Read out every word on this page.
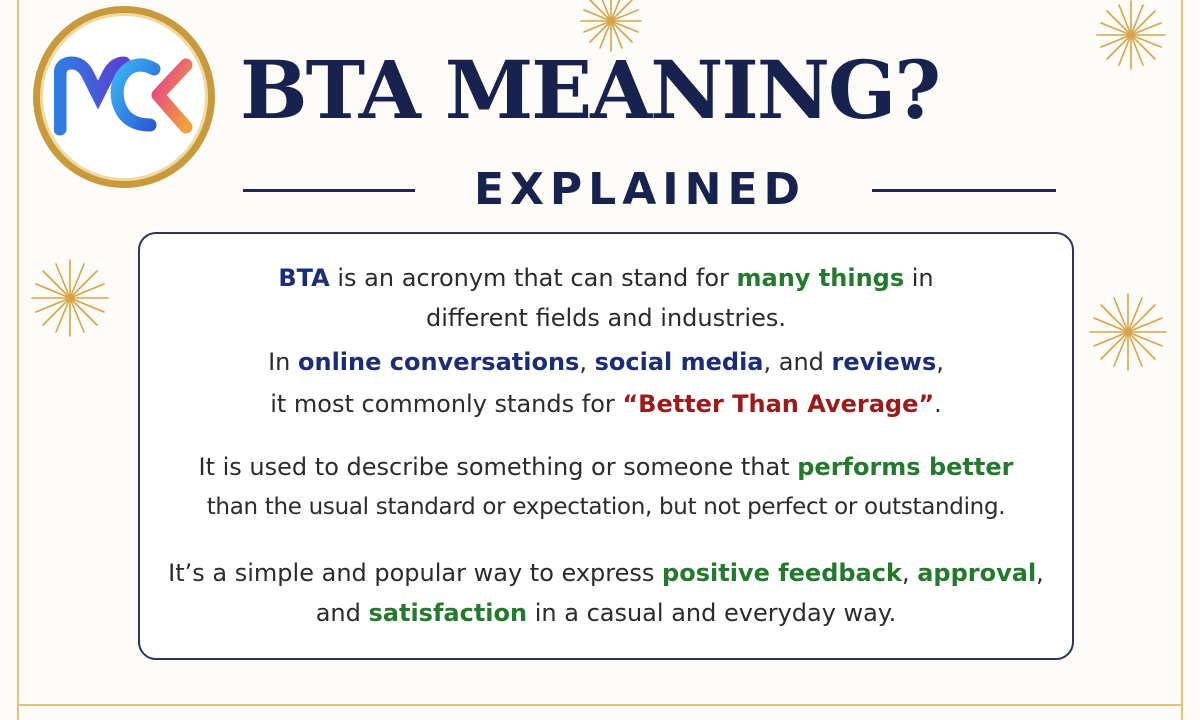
BTA MEANING?
EXPLAINED
BTA is an acronym that can stand for many things in
different fields and industries.
In online conversations, social media, and reviews,
it most commonly stands for “Better Than Average”.
It is used to describe something or someone that performs better
than the usual standard or expectation, but not perfect or outstanding.
It’s a simple and popular way to express positive feedback, approval,
and satisfaction in a casual and everyday way.
